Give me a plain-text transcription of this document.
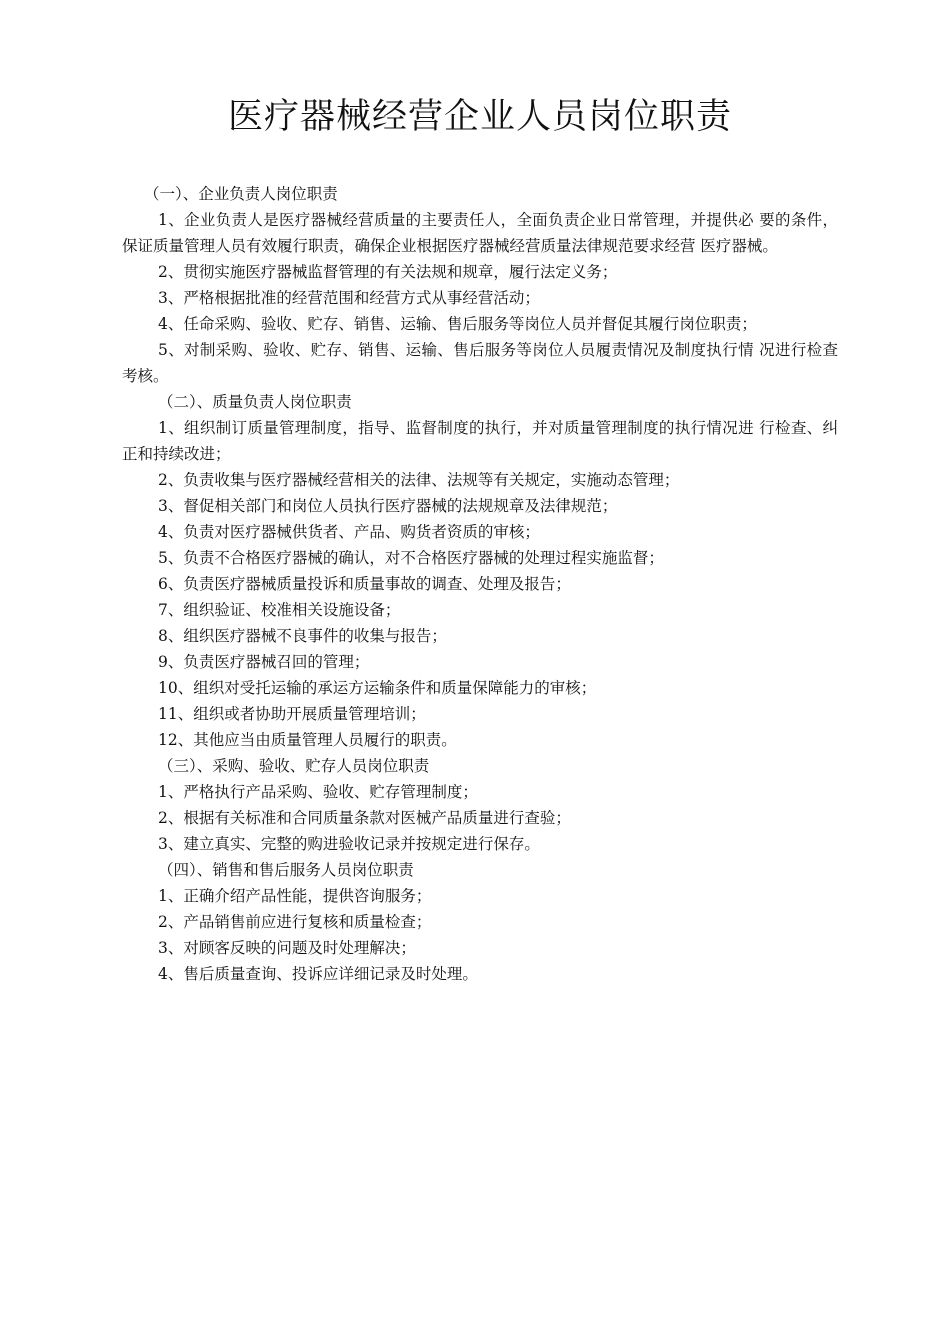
医疗器械经营企业人员岗位职责

（一）、企业负责人岗位职责

1、企业负责人是医疗器械经营质量的主要责任人，全面负责企业日常管理，并提供必 要的条件，保证质量管理人员有效履行职责，确保企业根据医疗器械经营质量法律规范要求经营 医疗器械。

2、贯彻实施医疗器械监督管理的有关法规和规章，履行法定义务；

3、严格根据批准的经营范围和经营方式从事经营活动；

4、任命采购、验收、贮存、销售、运输、售后服务等岗位人员并督促其履行岗位职责；

5、对制采购、验收、贮存、销售、运输、售后服务等岗位人员履责情况及制度执行情 况进行检查考核。

（二）、质量负责人岗位职责

1、组织制订质量管理制度，指导、监督制度的执行，并对质量管理制度的执行情况进 行检查、纠正和持续改进；

2、负责收集与医疗器械经营相关的法律、法规等有关规定，实施动态管理；

3、督促相关部门和岗位人员执行医疗器械的法规规章及法律规范；

4、负责对医疗器械供货者、产品、购货者资质的审核；

5、负责不合格医疗器械的确认，对不合格医疗器械的处理过程实施监督；

6、负责医疗器械质量投诉和质量事故的调查、处理及报告；

7、组织验证、校准相关设施设备；

8、组织医疗器械不良事件的收集与报告；

9、负责医疗器械召回的管理；

10、组织对受托运输的承运方运输条件和质量保障能力的审核；

11、组织或者协助开展质量管理培训；

12、其他应当由质量管理人员履行的职责。

（三）、采购、验收、贮存人员岗位职责

1、严格执行产品采购、验收、贮存管理制度；

2、根据有关标准和合同质量条款对医械产品质量进行查验；

3、建立真实、完整的购进验收记录并按规定进行保存。

（四）、销售和售后服务人员岗位职责

1、正确介绍产品性能，提供咨询服务；

2、产品销售前应进行复核和质量检查；

3、对顾客反映的问题及时处理解决；

4、售后质量查询、投诉应详细记录及时处理。
